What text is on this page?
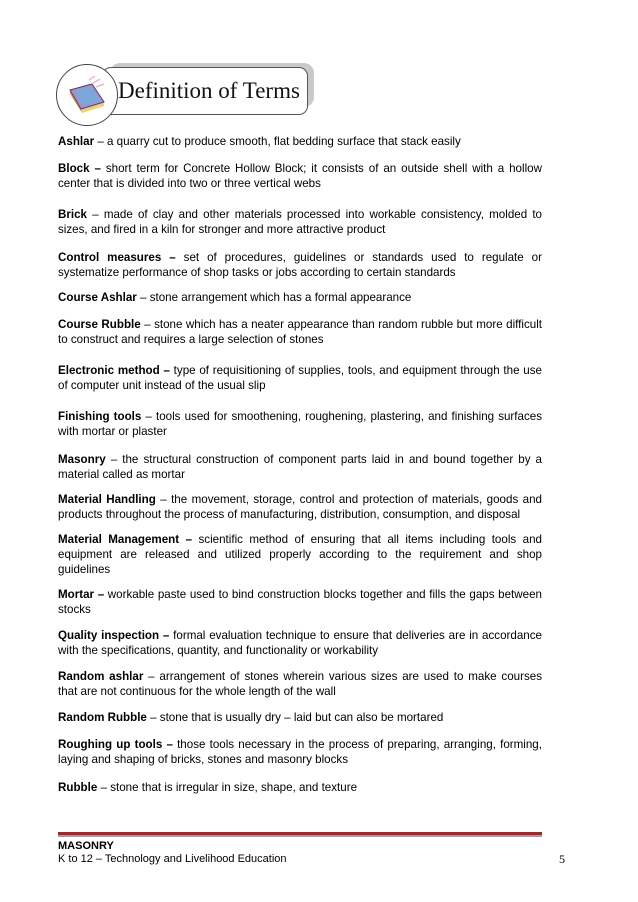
Definition of Terms

Ashlar – a quarry cut to produce smooth, flat bedding surface that stack easily

Block – short term for Concrete Hollow Block; it consists of an outside shell with a hollow center that is divided into two or three vertical webs

Brick – made of clay and other materials processed into workable consistency, molded to sizes, and fired in a kiln for stronger and more attractive product

Control measures – set of procedures, guidelines or standards used to regulate or systematize performance of shop tasks or jobs according to certain standards

Course Ashlar – stone arrangement which has a formal appearance

Course Rubble – stone which has a neater appearance than random rubble but more difficult to construct and requires a large selection of stones

Electronic method – type of requisitioning of supplies, tools, and equipment through the use of computer unit instead of the usual slip

Finishing tools – tools used for smoothening, roughening, plastering, and finishing surfaces with mortar or plaster

Masonry – the structural construction of component parts laid in and bound together by a material called as mortar

Material Handling – the movement, storage, control and protection of materials, goods and products throughout the process of manufacturing, distribution, consumption, and disposal

Material Management – scientific method of ensuring that all items including tools and equipment are released and utilized properly according to the requirement and shop guidelines

Mortar – workable paste used to bind construction blocks together and fills the gaps between stocks

Quality inspection – formal evaluation technique to ensure that deliveries are in accordance with the specifications, quantity, and functionality or workability

Random ashlar – arrangement of stones wherein various sizes are used to make courses that are not continuous for the whole length of the wall

Random Rubble – stone that is usually dry – laid but can also be mortared

Roughing up tools – those tools necessary in the process of preparing, arranging, forming, laying and shaping of bricks, stones and masonry blocks

Rubble – stone that is irregular in size, shape, and texture

MASONRY
K to 12 – Technology and Livelihood Education	5
